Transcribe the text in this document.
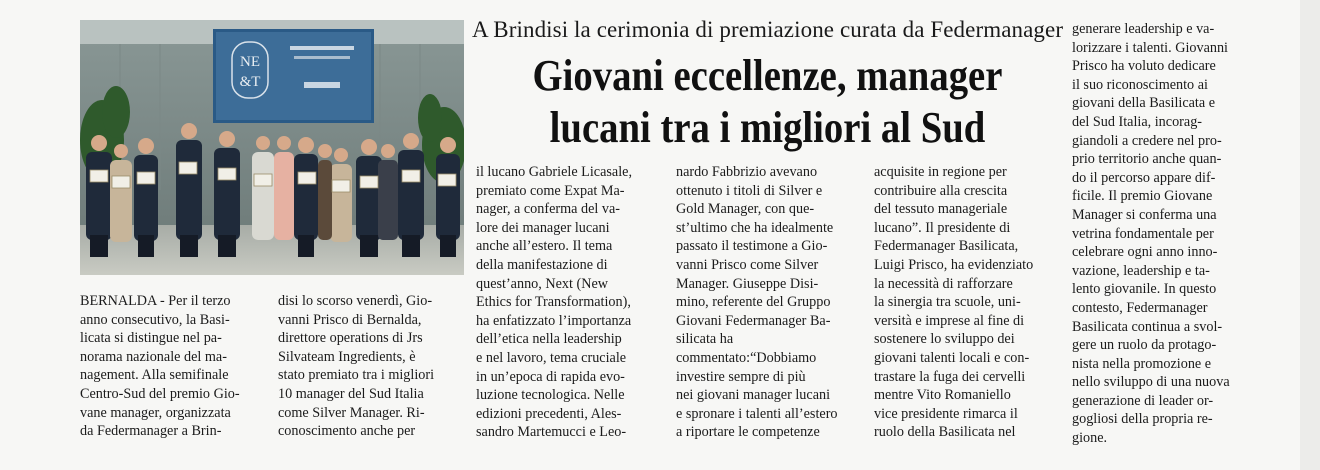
NE
&T
A Brindisi la cerimonia di premiazione curata da Federmanager
Giovani eccellenze, manager
lucani tra i migliori al Sud
BERNALDA - Per il terzo
anno consecutivo, la Basi-
licata si distingue nel pa-
norama nazionale del ma-
nagement. Alla semifinale
Centro-Sud del premio Gio-
vane manager, organizzata
da Federmanager a Brin-
disi lo scorso venerdì, Gio-
vanni Prisco di Bernalda,
direttore operations di Jrs
Silvateam Ingredients, è
stato premiato tra i migliori
10 manager del Sud Italia
come Silver Manager. Ri-
conoscimento anche per
il lucano Gabriele Licasale,
premiato come Expat Ma-
nager, a conferma del va-
lore dei manager lucani
anche all’estero. Il tema
della manifestazione di
quest’anno, Next (New
Ethics for Transformation),
ha enfatizzato l’importanza
dell’etica nella leadership
e nel lavoro, tema cruciale
in un’epoca di rapida evo-
luzione tecnologica. Nelle
edizioni precedenti, Ales-
sandro Martemucci e Leo-
nardo Fabbrizio avevano
ottenuto i titoli di Silver e
Gold Manager, con que-
st’ultimo che ha idealmente
passato il testimone a Gio-
vanni Prisco come Silver
Manager. Giuseppe Disi-
mino, referente del Gruppo
Giovani Federmanager Ba-
silicata ha
commentato:“Dobbiamo
investire sempre di più
nei giovani manager lucani
e spronare i talenti all’estero
a riportare le competenze
acquisite in regione per
contribuire alla crescita
del tessuto manageriale
lucano”. Il presidente di
Federmanager Basilicata,
Luigi Prisco, ha evidenziato
la necessità di rafforzare
la sinergia tra scuole, uni-
versità e imprese al fine di
sostenere lo sviluppo dei
giovani talenti locali e con-
trastare la fuga dei cervelli
mentre Vito Romaniello
vice presidente rimarca il
ruolo della Basilicata nel
generare leadership e va-
lorizzare i talenti. Giovanni
Prisco ha voluto dedicare
il suo riconoscimento ai
giovani della Basilicata e
del Sud Italia, incorag-
giandoli a credere nel pro-
prio territorio anche quan-
do il percorso appare dif-
ficile. Il premio Giovane
Manager si conferma una
vetrina fondamentale per
celebrare ogni anno inno-
vazione, leadership e ta-
lento giovanile. In questo
contesto, Federmanager
Basilicata continua a svol-
gere un ruolo da protago-
nista nella promozione e
nello sviluppo di una nuova
generazione di leader or-
gogliosi della propria re-
gione.
